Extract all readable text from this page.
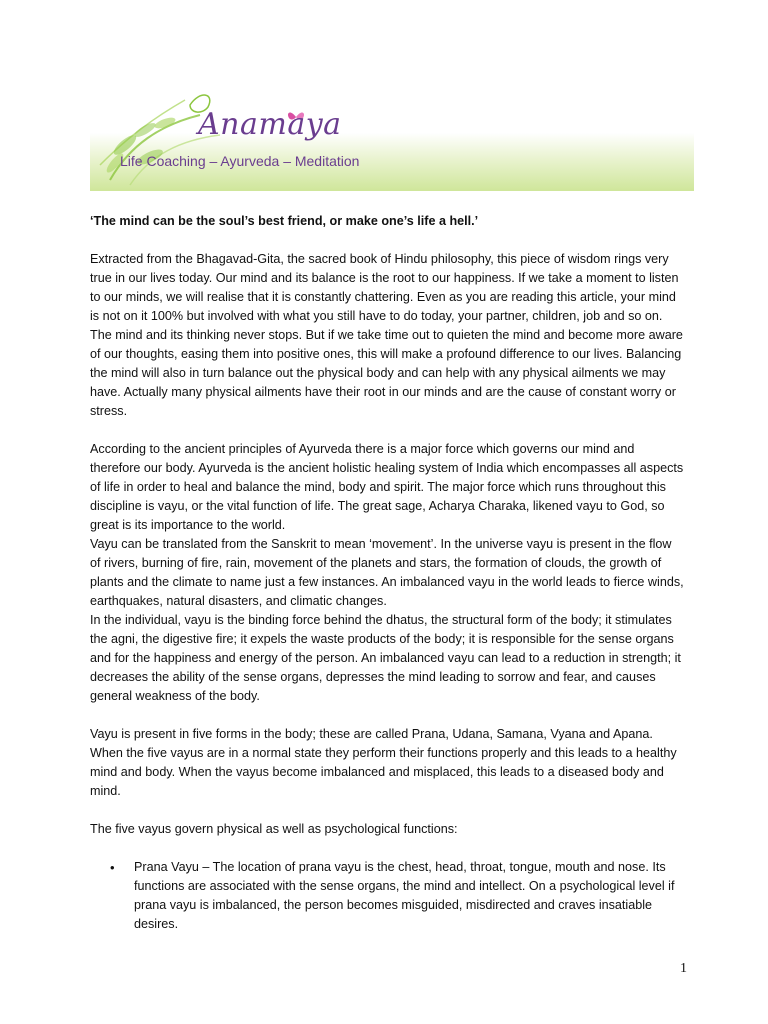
Anamaya
Life Coaching – Ayurveda – Meditation

‘The mind can be the soul’s best friend, or make one’s life a hell.’

Extracted from the Bhagavad-Gita, the sacred book of Hindu philosophy, this piece of wisdom rings very true in our lives today. Our mind and its balance is the root to our happiness. If we take a moment to listen to our minds, we will realise that it is constantly chattering. Even as you are reading this article, your mind is not on it 100% but involved with what you still have to do today, your partner, children, job and so on. The mind and its thinking never stops. But if we take time out to quieten the mind and become more aware of our thoughts, easing them into positive ones, this will make a profound difference to our lives. Balancing the mind will also in turn balance out the physical body and can help with any physical ailments we may have. Actually many physical ailments have their root in our minds and are the cause of constant worry or stress.

According to the ancient principles of Ayurveda there is a major force which governs our mind and therefore our body. Ayurveda is the ancient holistic healing system of India which encompasses all aspects of life in order to heal and balance the mind, body and spirit. The major force which runs throughout this discipline is vayu, or the vital function of life. The great sage, Acharya Charaka, likened vayu to God, so great is its importance to the world.

Vayu can be translated from the Sanskrit to mean ‘movement’. In the universe vayu is present in the flow of rivers, burning of fire, rain, movement of the planets and stars, the formation of clouds, the growth of plants and the climate to name just a few instances. An imbalanced vayu in the world leads to fierce winds, earthquakes, natural disasters, and climatic changes.

In the individual, vayu is the binding force behind the dhatus, the structural form of the body; it stimulates the agni, the digestive fire; it expels the waste products of the body; it is responsible for the sense organs and for the happiness and energy of the person. An imbalanced vayu can lead to a reduction in strength; it decreases the ability of the sense organs, depresses the mind leading to sorrow and fear, and causes general weakness of the body.

Vayu is present in five forms in the body; these are called Prana, Udana, Samana, Vyana and Apana. When the five vayus are in a normal state they perform their functions properly and this leads to a healthy mind and body. When the vayus become imbalanced and misplaced, this leads to a diseased body and mind.

The five vayus govern physical as well as psychological functions:

• Prana Vayu – The location of prana vayu is the chest, head, throat, tongue, mouth and nose. Its functions are associated with the sense organs, the mind and intellect. On a psychological level if prana vayu is imbalanced, the person becomes misguided, misdirected and craves insatiable desires.
1
